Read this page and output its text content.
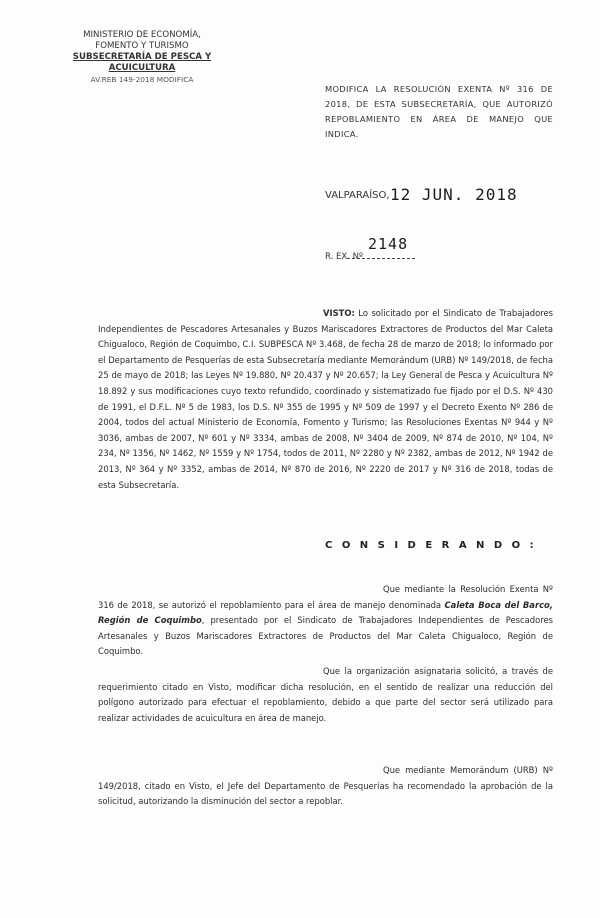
MINISTERIO DE ECONOMÍA,
FOMENTO Y TURISMO
SUBSECRETARÍA DE PESCA Y ACUICULTURA
AV.REB 149-2018 MODIFICA
MODIFICA LA RESOLUCIÓN EXENTA Nº 316 DE 2018, DE ESTA SUBSECRETARÍA, QUE AUTORIZÓ REPOBLAMIENTO EN ÁREA DE MANEJO QUE INDICA.
VALPARAÍSO, 12 JUN. 2018
R. EX. Nº
2148
VISTO: Lo solicitado por el Sindicato de Trabajadores Independientes de Pescadores Artesanales y Buzos Mariscadores Extractores de Productos del Mar Caleta Chigualoco, Región de Coquimbo, C.I. SUBPESCA Nº 3.468, de fecha 28 de marzo de 2018; lo informado por el Departamento de Pesquerías de esta Subsecretaría mediante Memorándum (URB) Nº 149/2018, de fecha 25 de mayo de 2018; las Leyes Nº 19.880, Nº 20.437 y Nº 20.657; la Ley General de Pesca y Acuicultura Nº 18.892 y sus modificaciones cuyo texto refundido, coordinado y sistematizado fue fijado por el D.S. Nº 430 de 1991, el D.F.L. Nº 5 de 1983, los D.S. Nº 355 de 1995 y Nº 509 de 1997 y el Decreto Exento Nº 286 de 2004, todos del actual Ministerio de Economía, Fomento y Turismo; las Resoluciones Exentas Nº 944 y Nº 3036, ambas de 2007, Nº 601 y Nº 3334, ambas de 2008, Nº 3404 de 2009, Nº 874 de 2010, Nº 104, Nº 234, Nº 1356, Nº 1462, Nº 1559 y Nº 1754, todos de 2011, Nº 2280 y Nº 2382, ambas de 2012, Nº 1942 de 2013, Nº 364 y Nº 3352, ambas de 2014, Nº 870 de 2016, Nº 2220 de 2017 y Nº 316 de 2018, todas de esta Subsecretaría.
C O N S I D E R A N D O :
Que mediante la Resolución Exenta Nº 316 de 2018, se autorizó el repoblamiento para el área de manejo denominada Caleta Boca del Barco, Región de Coquimbo, presentado por el Sindicato de Trabajadores Independientes de Pescadores Artesanales y Buzos Mariscadores Extractores de Productos del Mar Caleta Chigualoco, Región de Coquimbo.
Que la organización asignataria solicitó, a través de requerimiento citado en Visto, modificar dicha resolución, en el sentido de realizar una reducción del polígono autorizado para efectuar el repoblamiento, debido a que parte del sector será utilizado para realizar actividades de acuicultura en área de manejo.
Que mediante Memorándum (URB) Nº 149/2018, citado en Visto, el Jefe del Departamento de Pesquerías ha recomendado la aprobación de la solicitud, autorizando la disminución del sector a repoblar.
